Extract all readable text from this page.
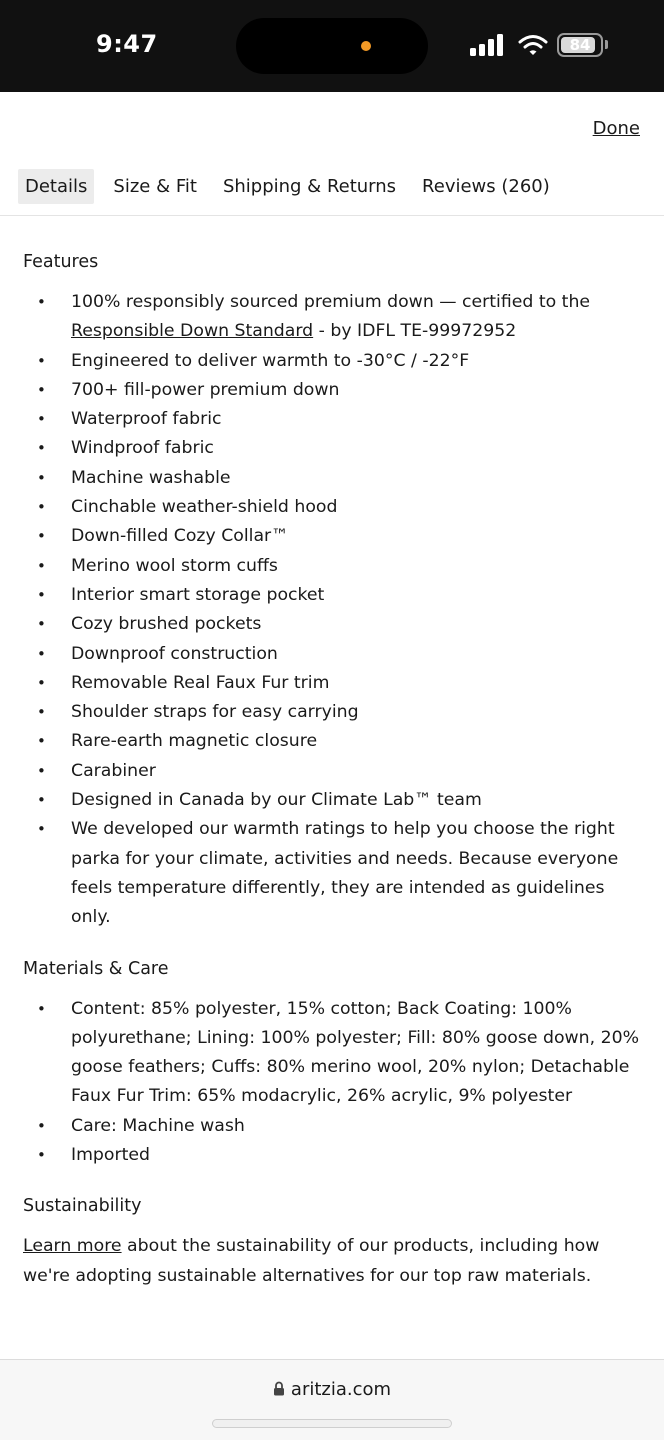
9:47	84
Done
Details	Size & Fit	Shipping & Returns	Reviews (260)
Features
• 100% responsibly sourced premium down — certified to the Responsible Down Standard - by IDFL TE-99972952
• Engineered to deliver warmth to -30°C / -22°F
• 700+ fill-power premium down
• Waterproof fabric
• Windproof fabric
• Machine washable
• Cinchable weather-shield hood
• Down-filled Cozy Collar™
• Merino wool storm cuffs
• Interior smart storage pocket
• Cozy brushed pockets
• Downproof construction
• Removable Real Faux Fur trim
• Shoulder straps for easy carrying
• Rare-earth magnetic closure
• Carabiner
• Designed in Canada by our Climate Lab™ team
• We developed our warmth ratings to help you choose the right parka for your climate, activities and needs. Because everyone feels temperature differently, they are intended as guidelines only.
Materials & Care
• Content: 85% polyester, 15% cotton; Back Coating: 100% polyurethane; Lining: 100% polyester; Fill: 80% goose down, 20% goose feathers; Cuffs: 80% merino wool, 20% nylon; Detachable Faux Fur Trim: 65% modacrylic, 26% acrylic, 9% polyester
• Care: Machine wash
• Imported
Sustainability

Learn more about the sustainability of our products, including how we're adopting sustainable alternatives for our top raw materials.

aritzia.com
